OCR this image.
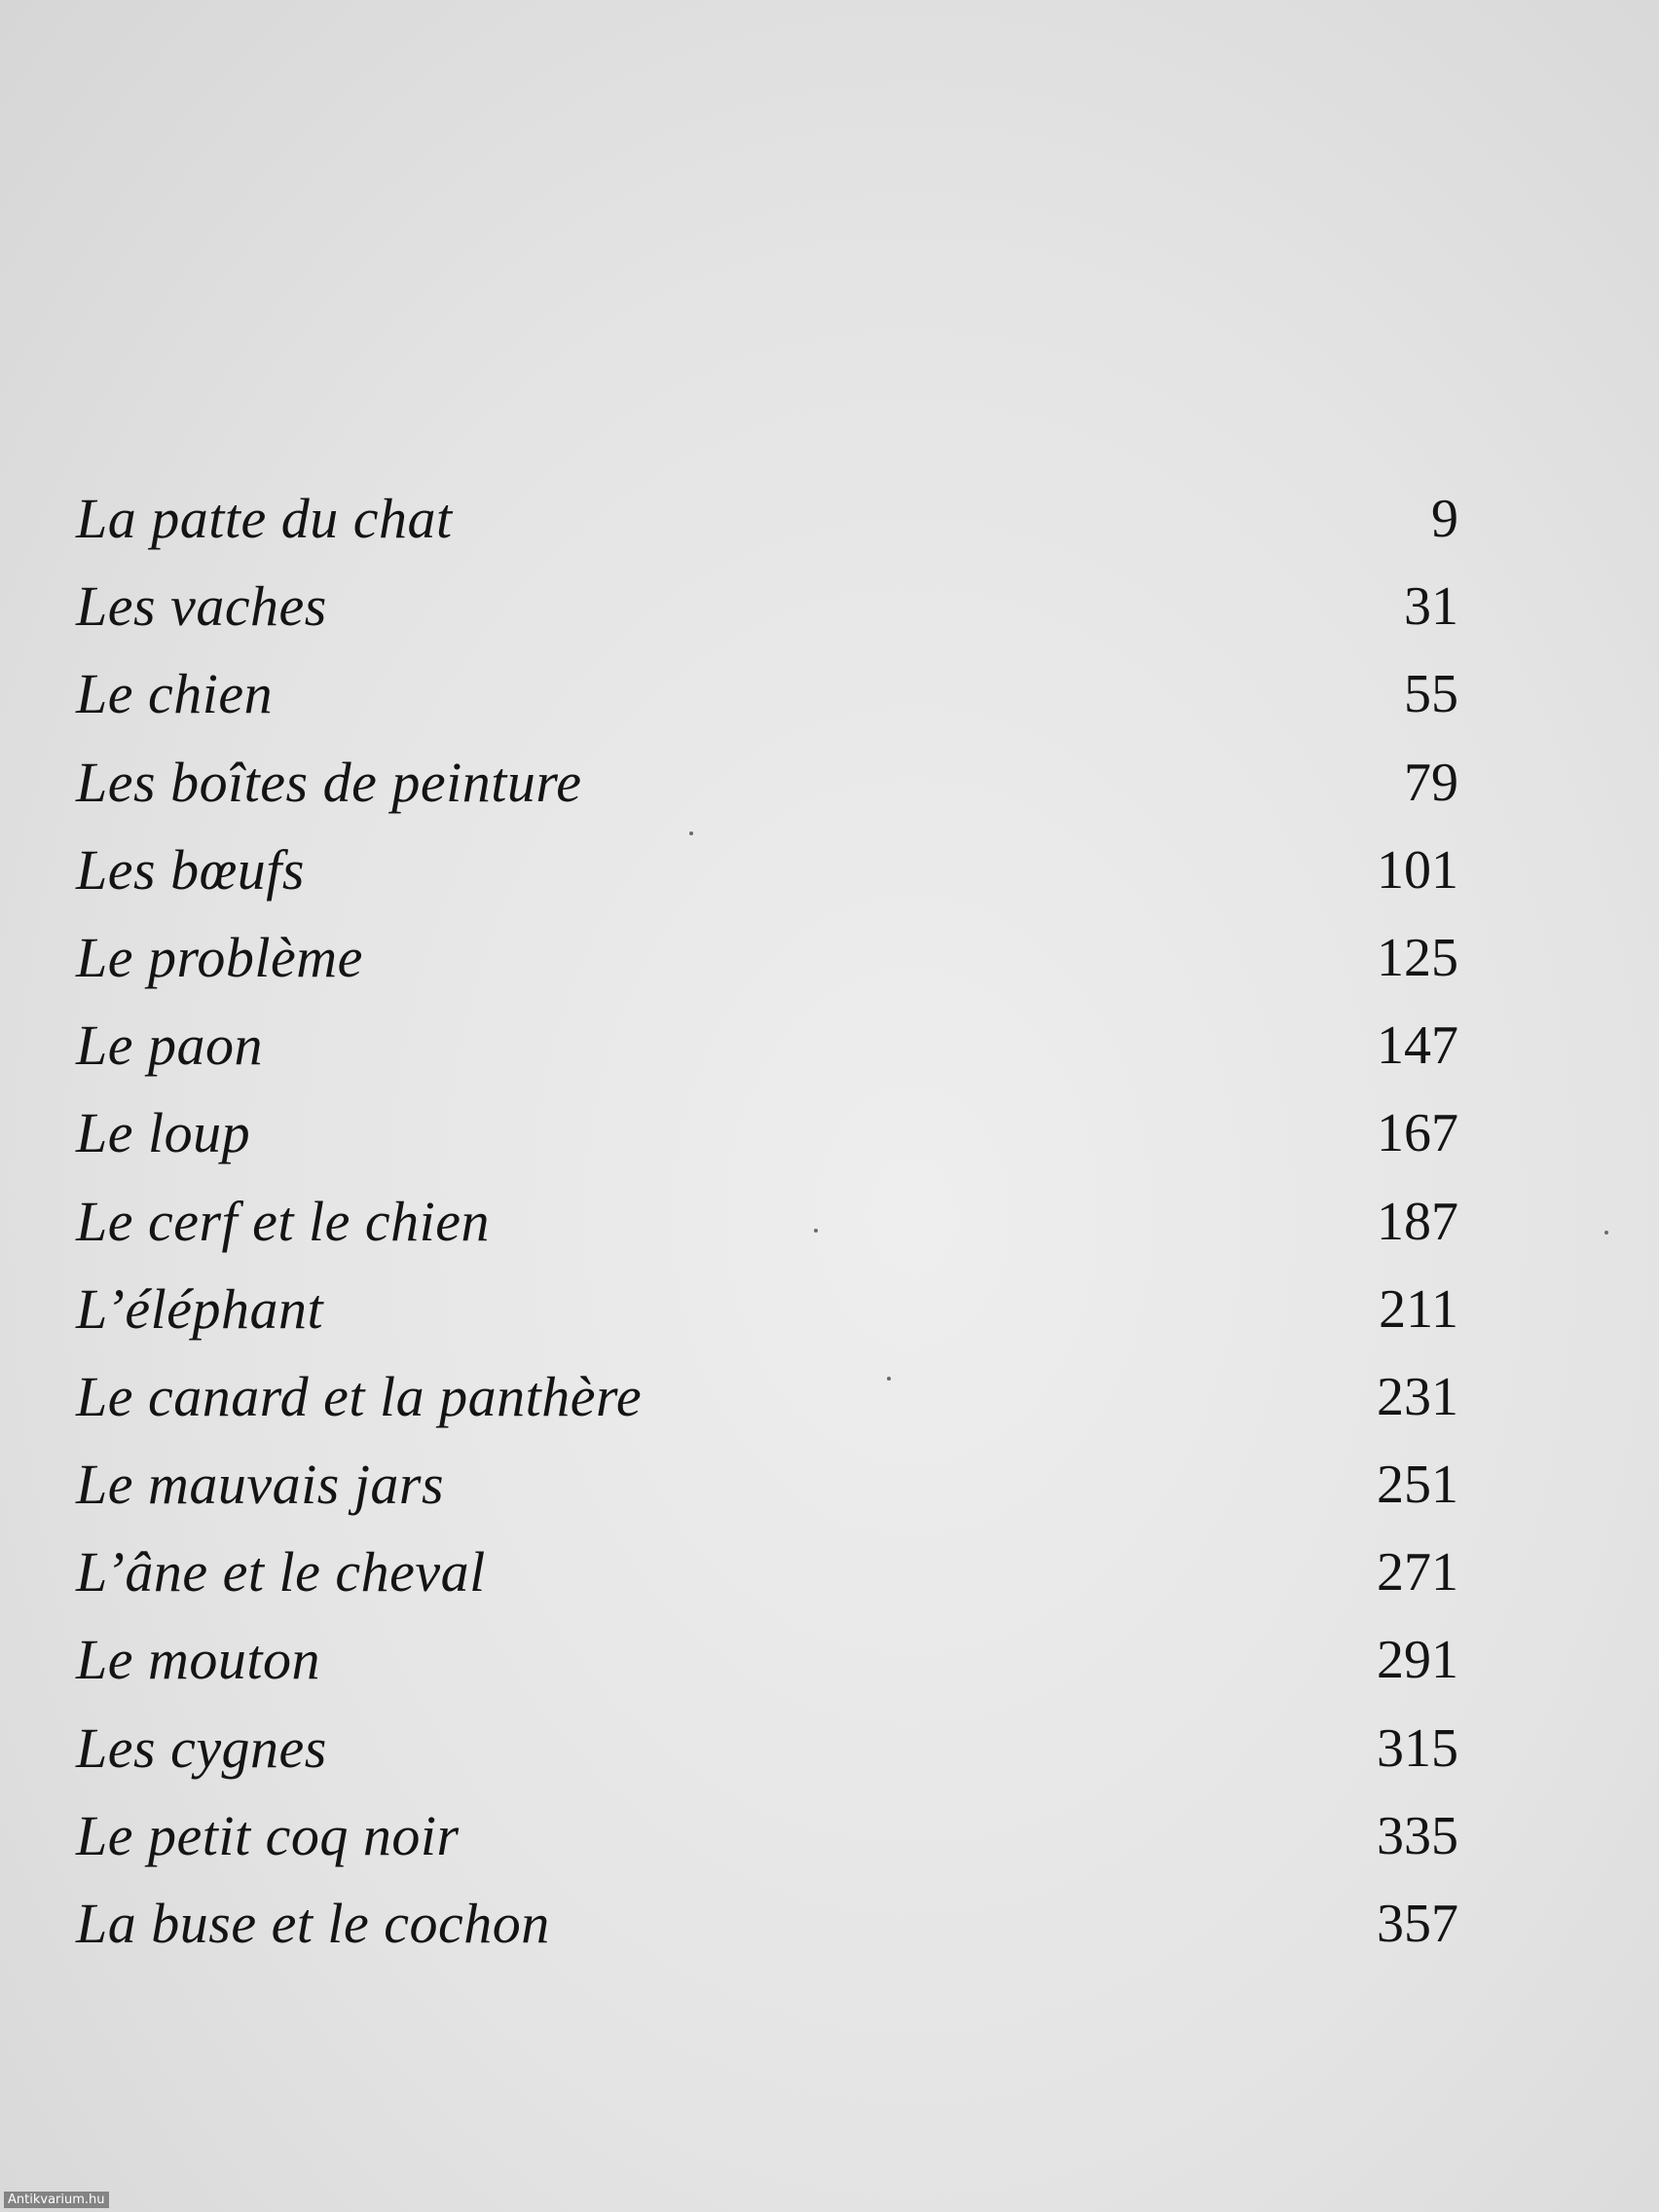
La patte du chat	9
Les vaches	31
Le chien	55
Les boîtes de peinture	79
Les bœufs	101
Le problème	125
Le paon	147
Le loup	167
Le cerf et le chien	187
L’éléphant	211
Le canard et la panthère	231
Le mauvais jars	251
L’âne et le cheval	271
Le mouton	291
Les cygnes	315
Le petit coq noir	335
La buse et le cochon	357
Antikvarium.hu
